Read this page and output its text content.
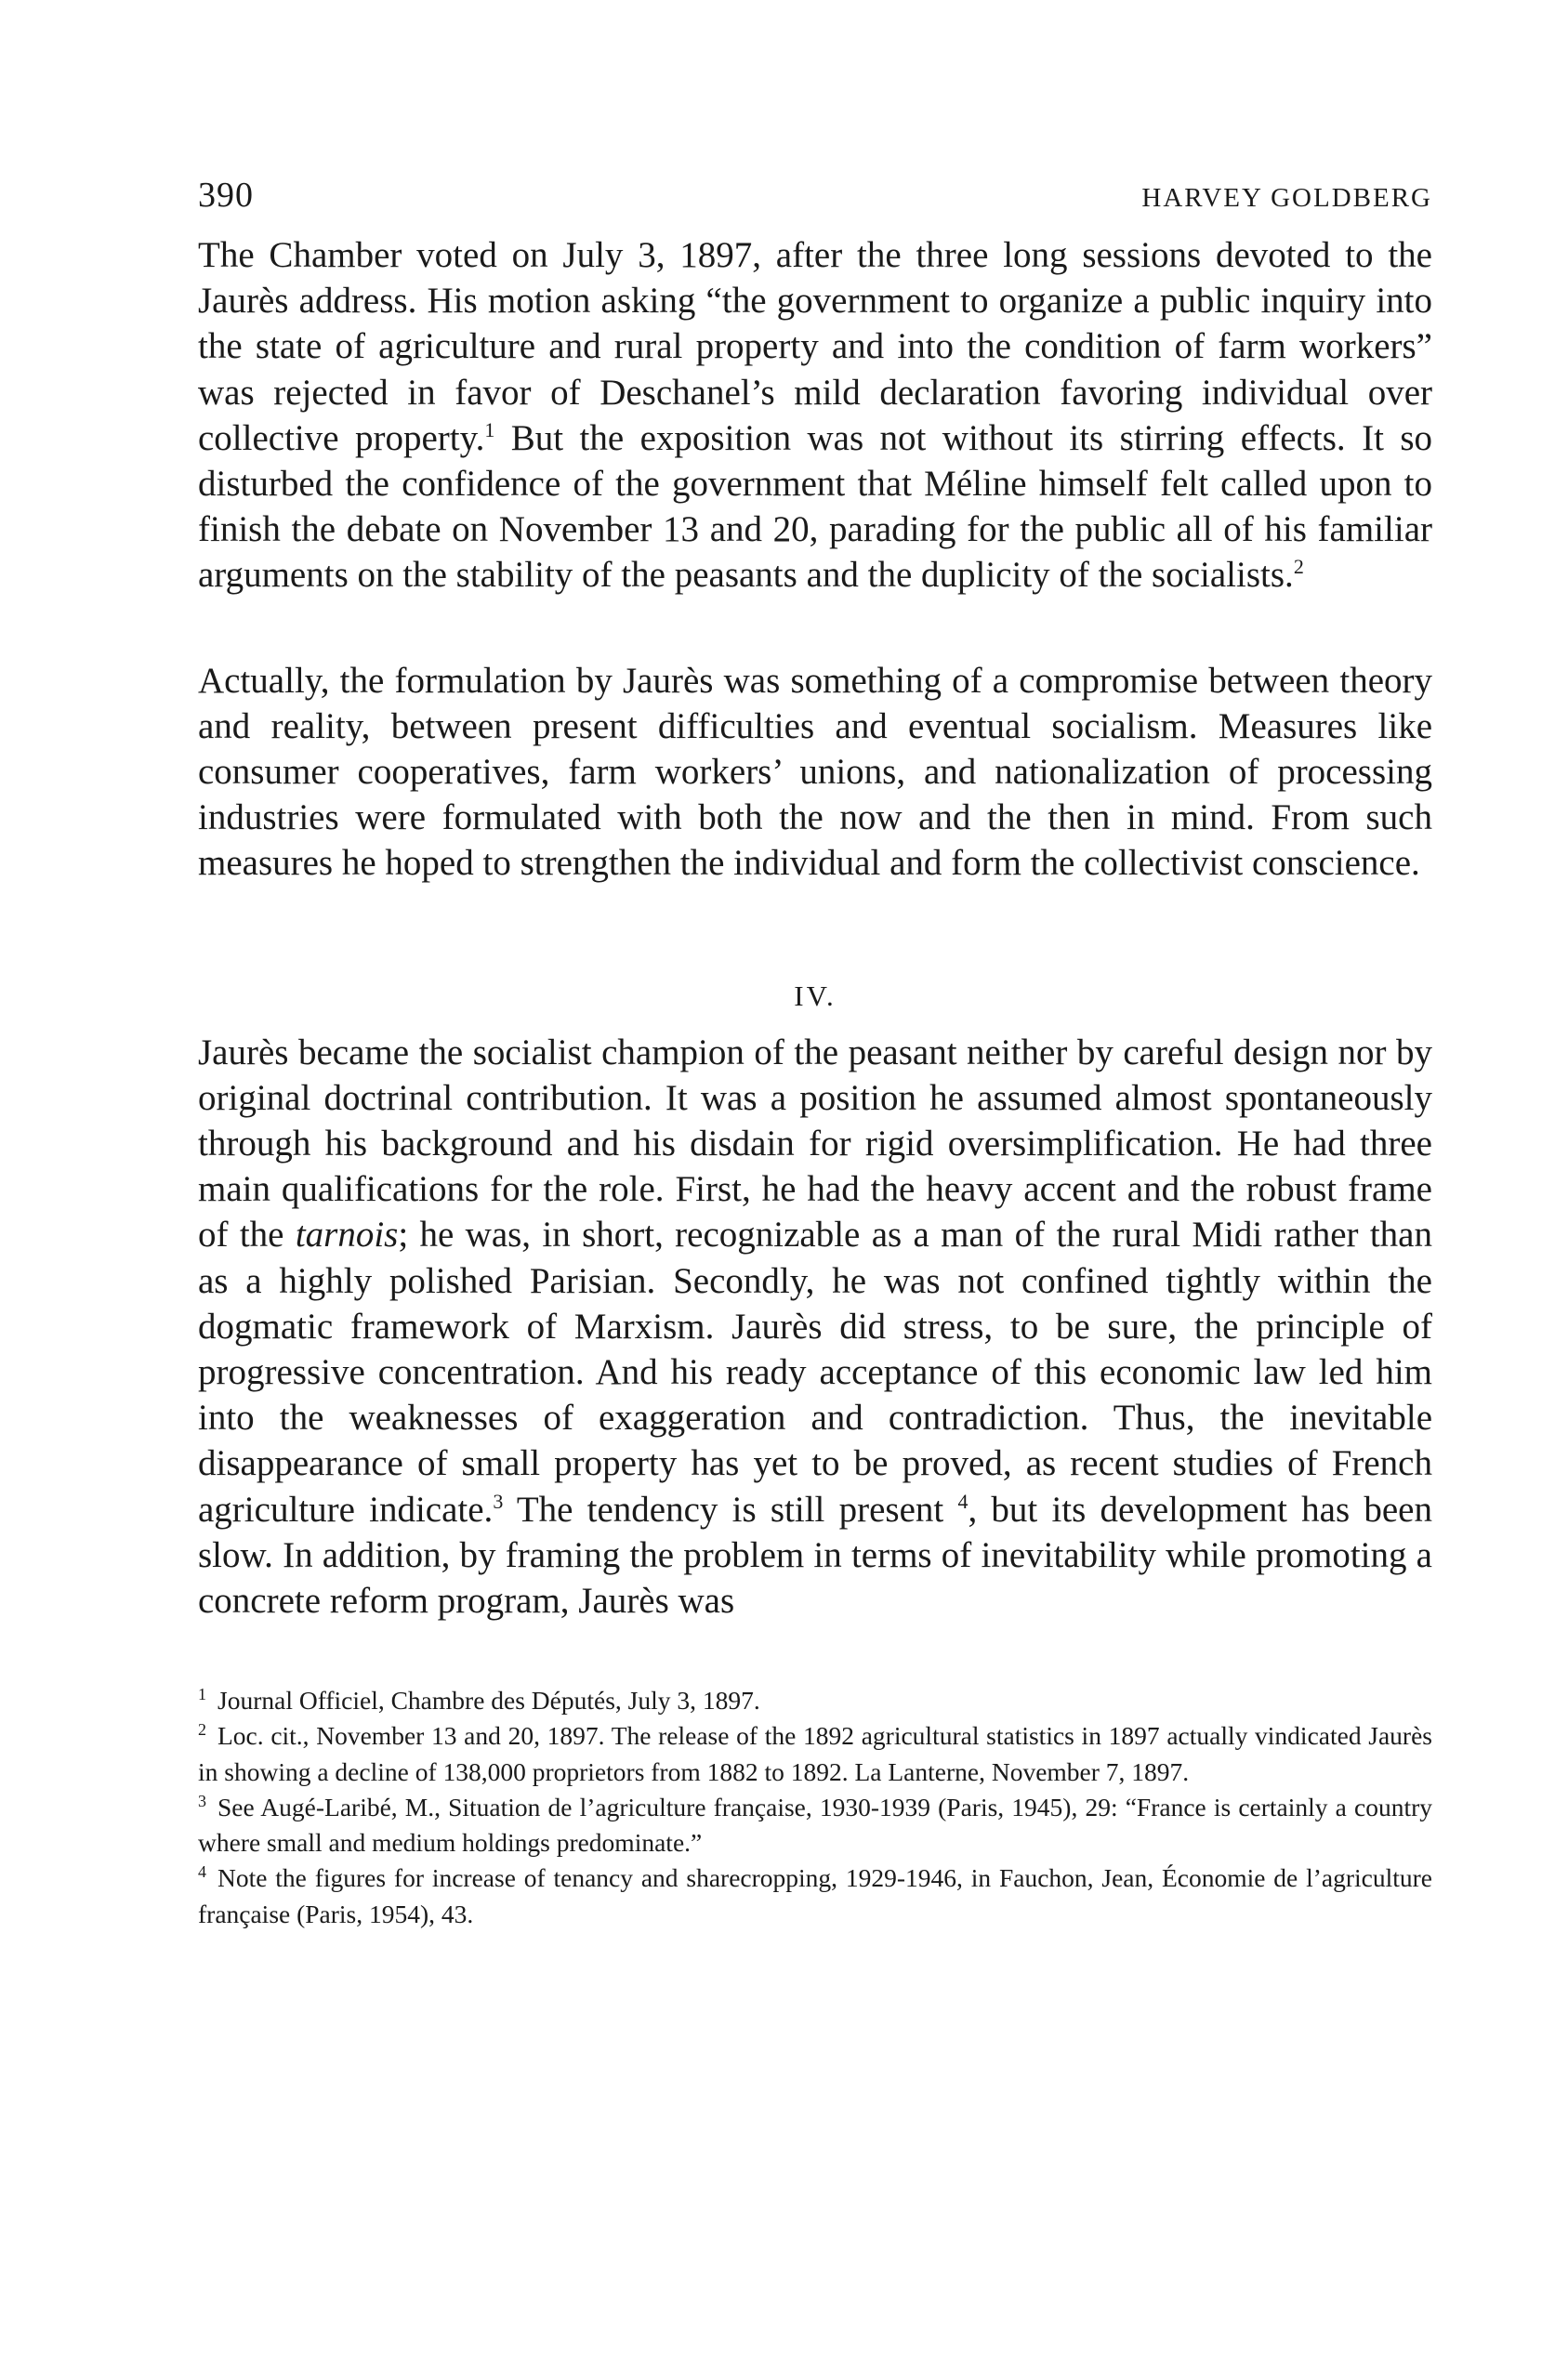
390	HARVEY GOLDBERG

The Chamber voted on July 3, 1897, after the three long sessions devoted to the Jaurès address. His motion asking “the government to organize a public inquiry into the state of agriculture and rural property and into the condition of farm workers” was rejected in favor of Deschanel’s mild declaration favoring individual over collective property.$^1$ But the exposition was not without its stirring effects. It so disturbed the confidence of the government that Méline himself felt called upon to finish the debate on November 13 and 20, parading for the public all of his familiar arguments on the stability of the peasants and the duplicity of the socialists.$^2$

Actually, the formulation by Jaurès was something of a compromise between theory and reality, between present difficulties and eventual socialism. Measures like consumer cooperatives, farm workers’ unions, and nationalization of processing industries were formulated with both the now and the then in mind. From such measures he hoped to strengthen the individual and form the collectivist conscience.

IV.

Jaurès became the socialist champion of the peasant neither by careful design nor by original doctrinal contribution. It was a position he assumed almost spontaneously through his background and his disdain for rigid oversimplification. He had three main qualifications for the role. First, he had the heavy accent and the robust frame of the tarnois; he was, in short, recognizable as a man of the rural Midi rather than as a highly polished Parisian. Secondly, he was not confined tightly within the dogmatic framework of Marxism. Jaurès did stress, to be sure, the principle of progressive concentration. And his ready acceptance of this economic law led him into the weaknesses of exaggeration and contradiction. Thus, the inevitable disappearance of small property has yet to be proved, as recent studies of French agriculture indicate.$^3$ The tendency is still present $^4$, but its development has been slow. In addition, by framing the problem in terms of inevitability while promoting a concrete reform program, Jaurès was

$^1$ Journal Officiel, Chambre des Députés, July 3, 1897.

$^2$ Loc. cit., November 13 and 20, 1897. The release of the 1892 agricultural statistics in 1897 actually vindicated Jaurès in showing a decline of 138,000 proprietors from 1882 to 1892. La Lanterne, November 7, 1897.

$^3$ See Augé-Laribé, M., Situation de l’agriculture française, 1930-1939 (Paris, 1945), 29: “France is certainly a country where small and medium holdings predominate.”

$^4$ Note the figures for increase of tenancy and sharecropping, 1929-1946, in Fauchon, Jean, Économie de l’agriculture française (Paris, 1954), 43.
